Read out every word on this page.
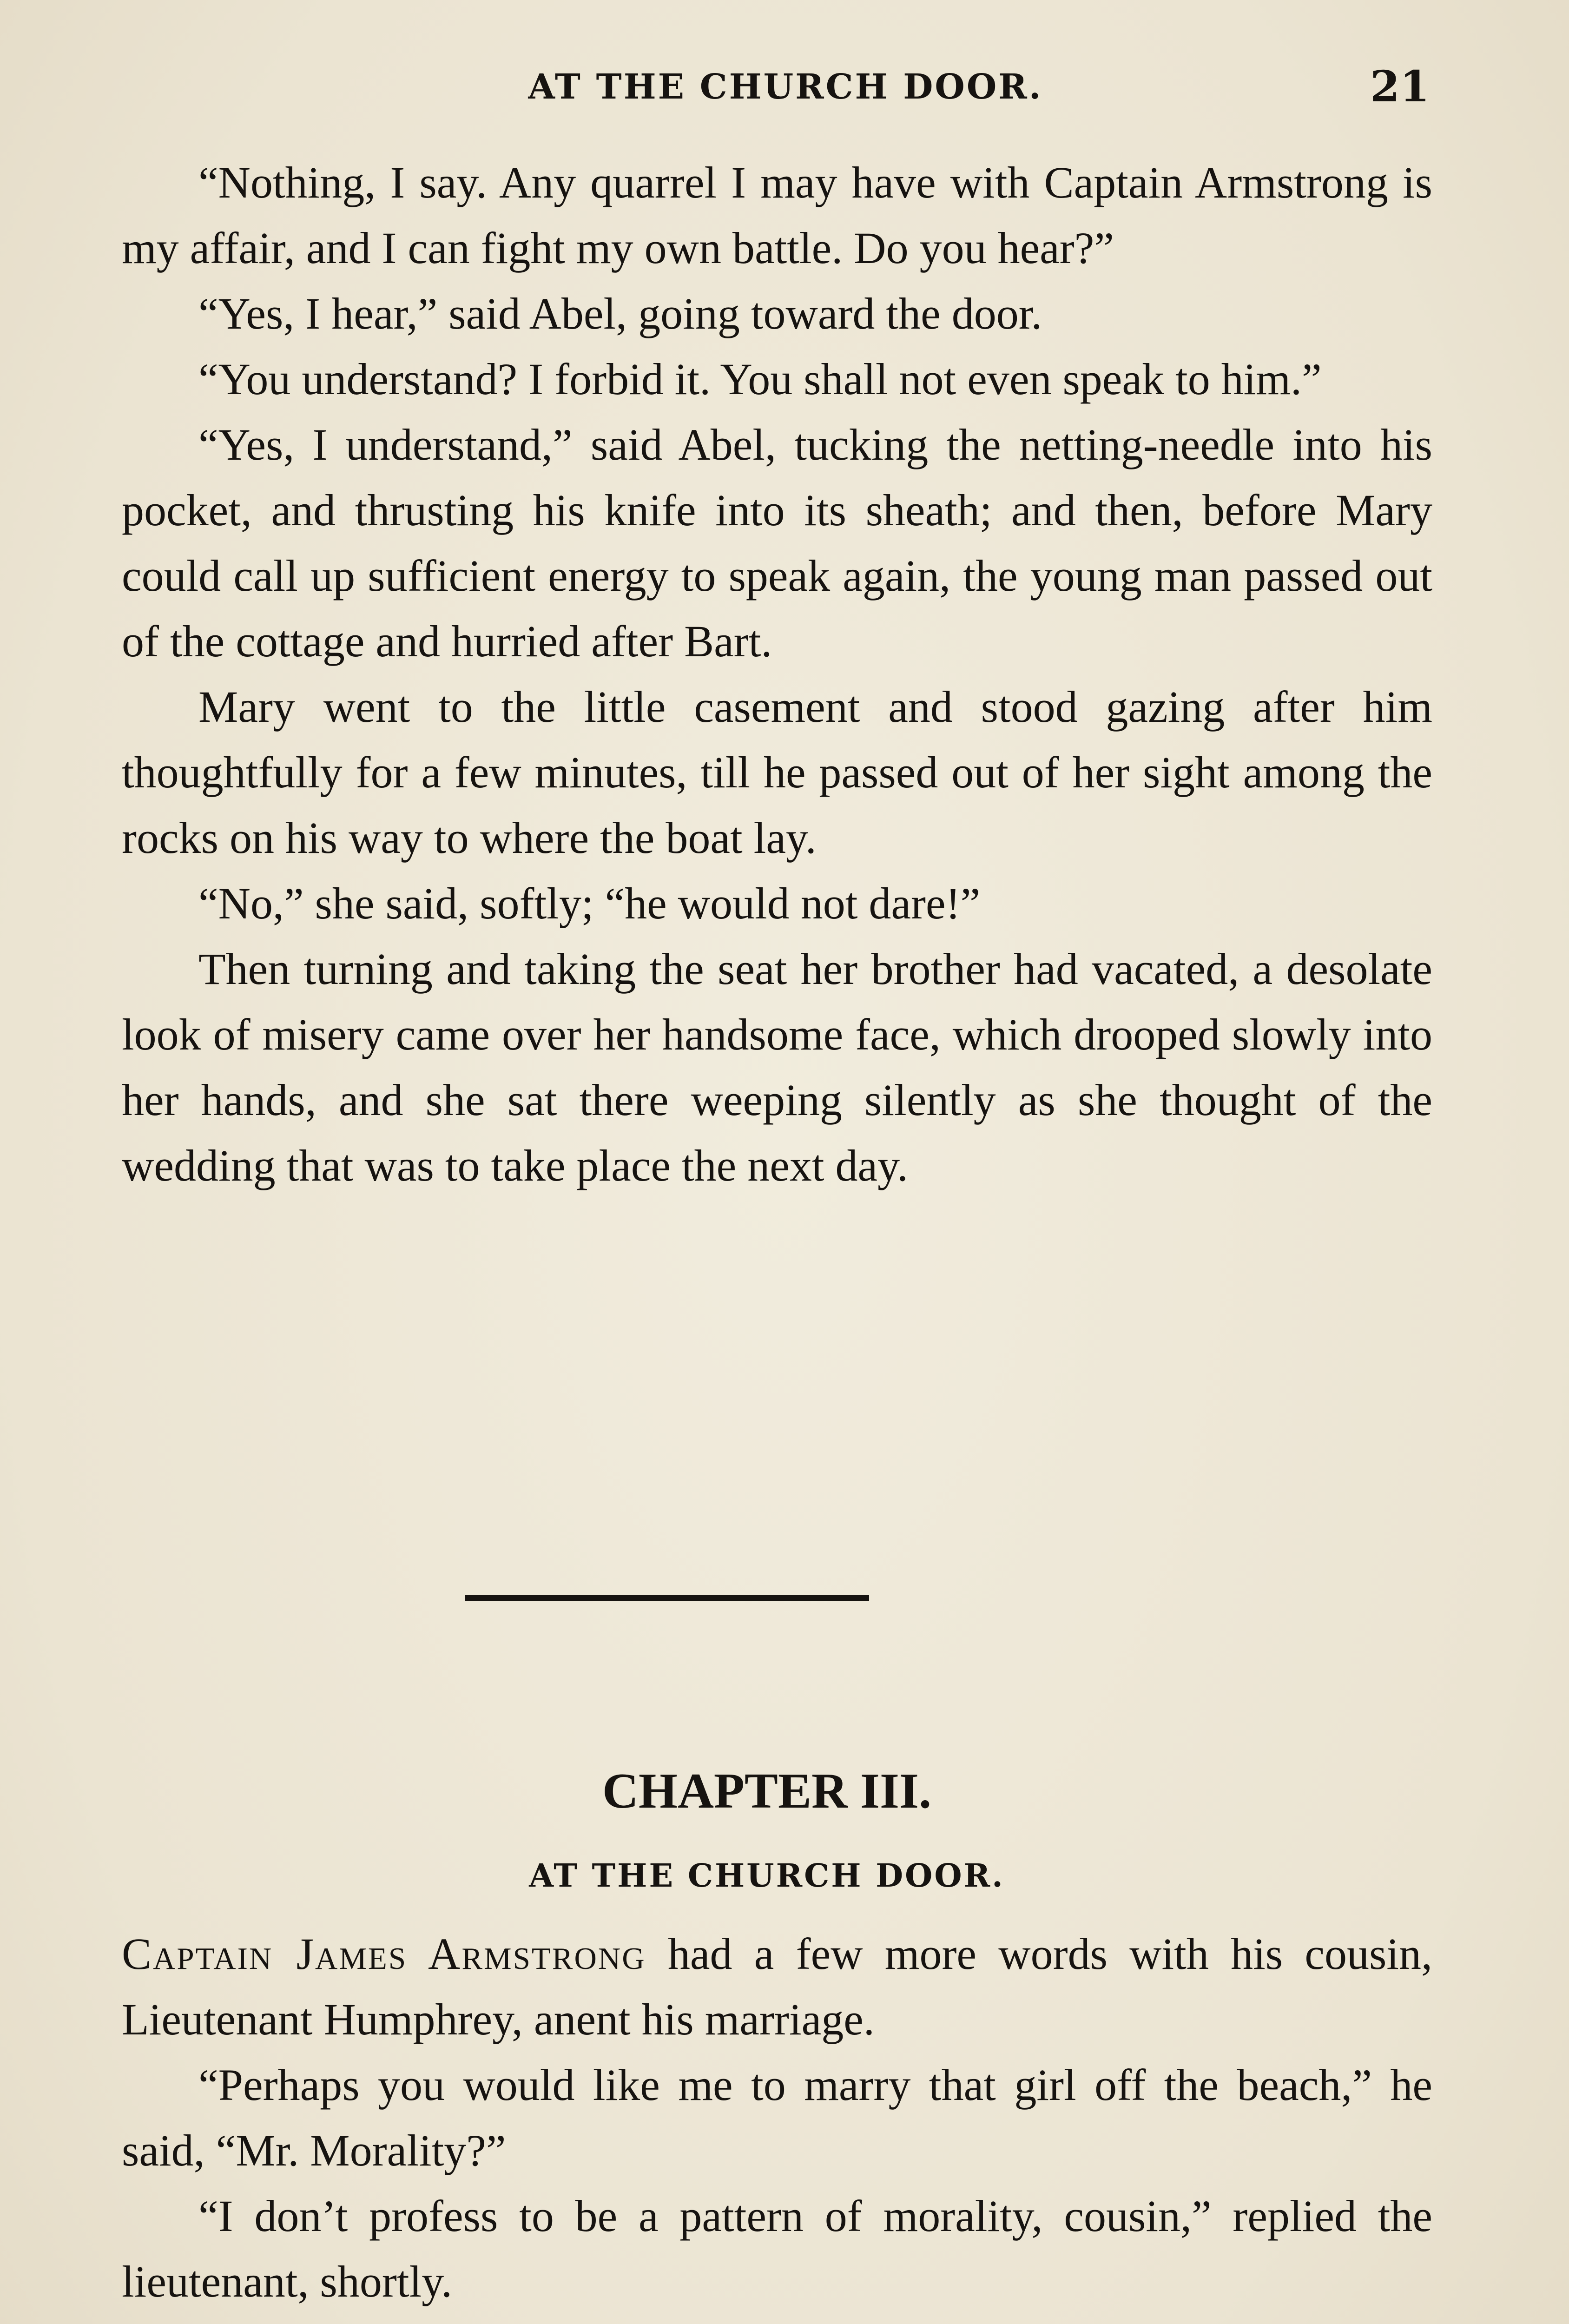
AT THE CHURCH DOOR.	21

“Nothing, I say. Any quarrel I may have with Captain Armstrong is my affair, and I can fight my own battle. Do you hear?”

“Yes, I hear,” said Abel, going toward the door.

“You understand? I forbid it. You shall not even speak to him.”

“Yes, I understand,” said Abel, tucking the netting-needle into his pocket, and thrusting his knife into its sheath; and then, before Mary could call up sufficient energy to speak again, the young man passed out of the cottage and hurried after Bart.

Mary went to the little casement and stood gazing after him thoughtfully for a few minutes, till he passed out of her sight among the rocks on his way to where the boat lay.

“No,” she said, softly; “he would not dare!”

Then turning and taking the seat her brother had vacated, a desolate look of misery came over her handsome face, which drooped slowly into her hands, and she sat there weeping silently as she thought of the wedding that was to take place the next day.

CHAPTER III.
AT THE CHURCH DOOR.

Captain James Armstrong had a few more words with his cousin, Lieutenant Humphrey, anent his marriage.

“Perhaps you would like me to marry that girl off the beach,” he said, “Mr. Morality?”

“I don’t profess to be a pattern of morality, cousin,” replied the lieutenant, shortly.
